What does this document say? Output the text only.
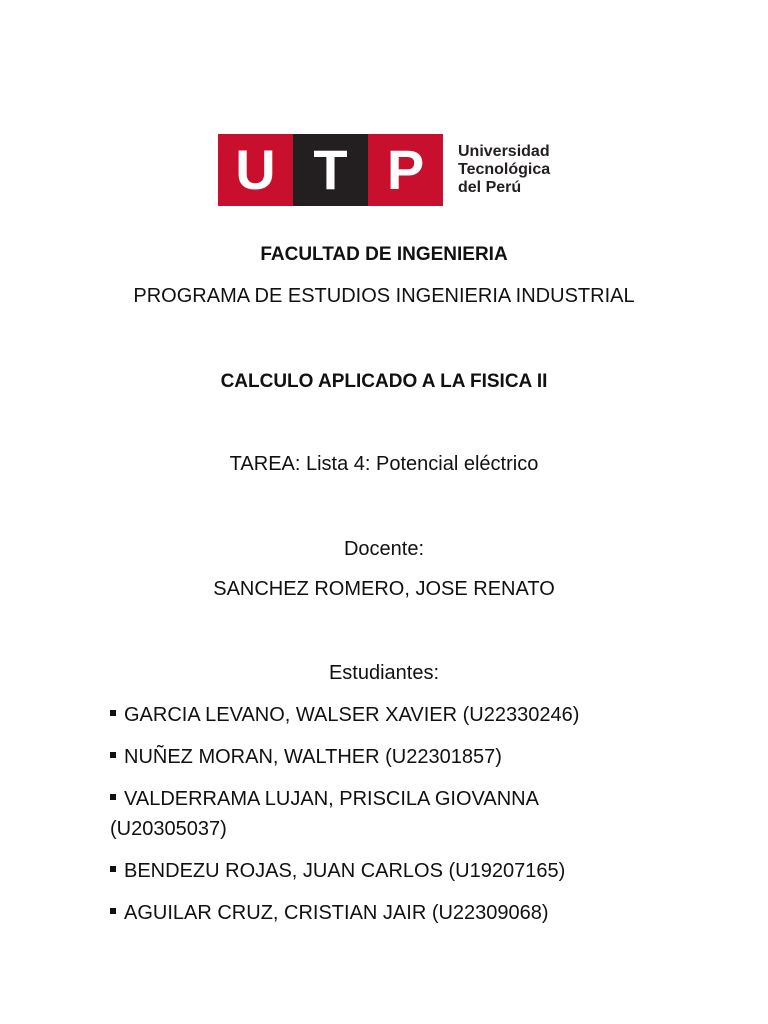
U T P	Universidad
Tecnológica
del Perú
FACULTAD DE INGENIERIA
PROGRAMA DE ESTUDIOS INGENIERIA INDUSTRIAL
CALCULO APLICADO A LA FISICA II
TAREA: Lista 4: Potencial eléctrico
Docente:
SANCHEZ ROMERO, JOSE RENATO
Estudiantes:
GARCIA LEVANO, WALSER XAVIER (U22330246)
NUÑEZ MORAN, WALTHER (U22301857)
VALDERRAMA LUJAN, PRISCILA GIOVANNA (U20305037)
BENDEZU ROJAS, JUAN CARLOS (U19207165)
AGUILAR CRUZ, CRISTIAN JAIR (U22309068)
